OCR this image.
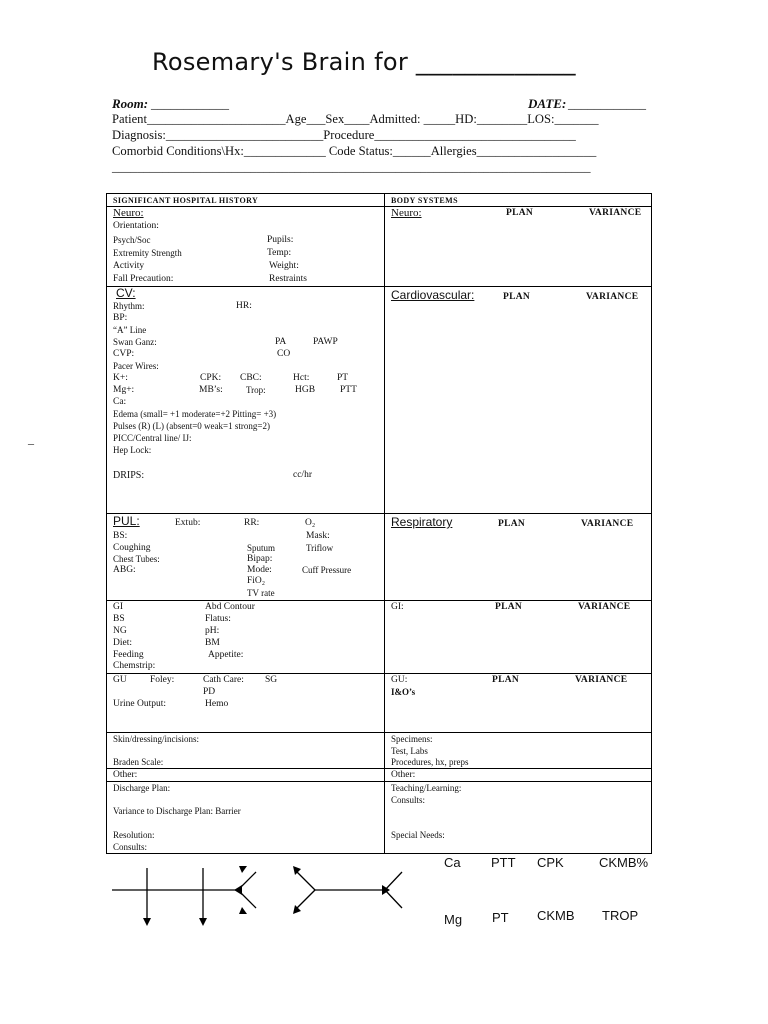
Rosemary's Brain for _____________
Room: ____________	DATE: ____________
Patient______________________Age___Sex____Admitted: _____HD:________LOS:_______
Diagnosis:_________________________Procedure________________________________
Comorbid Conditions\Hx:_____________ Code Status:______Allergies___________________
____________________________________________________________________________
_
SIGNIFICANT HOSPITAL HISTORY	BODY SYSTEMS
Neuro:
Orientation:
Psych/Soc
Extremity Strength
Activity
Fall Precaution:
Pupils:
Temp:
Weight:
Restraints
Neuro:	PLAN	VARIANCE
CV:
Rhythm:	HR:
BP:
“A” Line
Swan Ganz:	PA	PAWP
CVP:	CO
Pacer Wires:
K+:	CPK: CBC:	Hct:	PT
Mg+:	MB’s:	Trop:	HGB	PTT
Ca:
Edema (small= +1 moderate=+2 Pitting= +3)
Pulses (R) (L) (absent=0 weak=1 strong=2)
PICC/Central line/ IJ:
Hep Lock:
DRIPS:	cc/hr
Cardiovascular:	PLAN	VARIANCE
PUL:	Extub:	RR:	O₂
BS:	Mask:
Coughing	Sputum	Triflow
Chest Tubes:	Bipap:
ABG:	Mode:	Cuff Pressure
FiO₂
TV rate
Respiratory	PLAN	VARIANCE
GI	Abd Contour
BS	Flatus:
NG	pH:
Diet:	BM
Feeding	Appetite:
Chemstrip:
GI:	PLAN	VARIANCE
GU Foley:	Cath Care: SG
PD
Urine Output:	Hemo
GU:
I&O’s
PLAN	VARIANCE
Skin/dressing/incisions:
Braden Scale:
Specimens:
Test, Labs
Procedures, hx, preps
Other:	Other:
Discharge Plan:
Variance to Discharge Plan: Barrier
Resolution:
Consults:
Teaching/Learning:
Consults:
Special Needs:
Ca PTT CPK	CKMB%
Mg PT CKMB TROP
